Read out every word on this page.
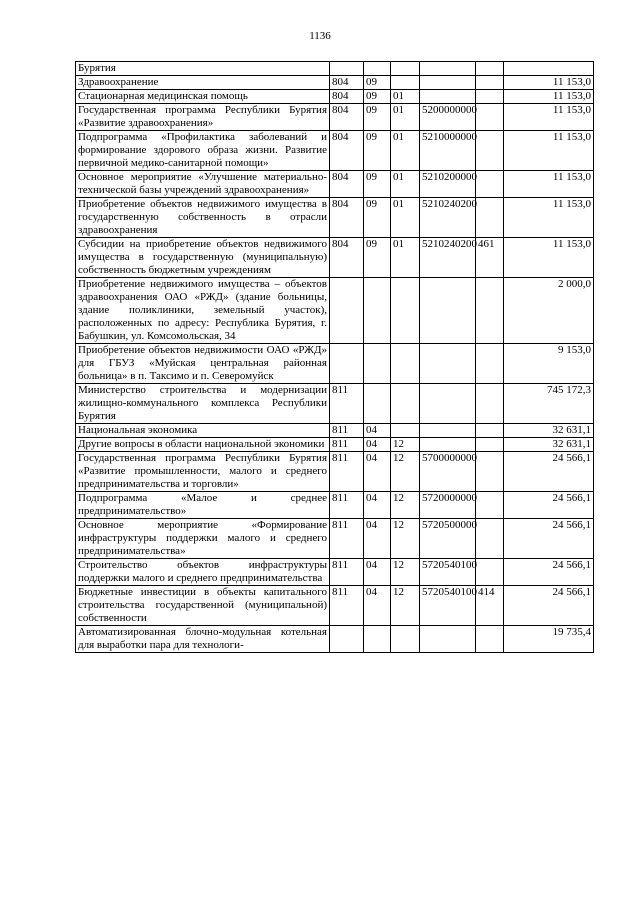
1136
Бурятия						
Здравоохранение	804	09				11 153,0
Стационарная медицинская помощь	804	09	01			11 153,0
Государственная программа Республики Бурятия «Развитие здравоохранения»	804	09	01	5200000000		11 153,0
Подпрограмма «Профилактика заболеваний и формирование здорового образа жизни. Развитие первичной медико-санитарной помощи»	804	09	01	5210000000		11 153,0
Основное мероприятие «Улучшение материально-технической базы учреждений здравоохранения»	804	09	01	5210200000		11 153,0
Приобретение объектов недвижимого имущества в государственную собственность в отрасли здравоохранения	804	09	01	5210240200		11 153,0
Субсидии на приобретение объектов недвижимого имущества в государственную (муниципальную) собственность бюджетным учреждениям	804	09	01	5210240200	461	11 153,0
Приобретение недвижимого имущества – объектов здравоохранения ОАО «РЖД» (здание больницы, здание поликлиники, земельный участок), расположенных по адресу: Республика Бурятия, г. Бабушкин, ул. Комсомольская, 34						2 000,0
Приобретение объектов недвижимости ОАО «РЖД» для ГБУЗ «Муйская центральная районная больница» в п. Таксимо и п. Северомуйск						9 153,0
Министерство строительства и модернизации жилищно-коммунального комплекса Республики Бурятия	811					745 172,3
Национальная экономика	811	04				32 631,1
Другие вопросы в области национальной экономики	811	04	12			32 631,1
Государственная программа Республики Бурятия «Развитие промышленности, малого и среднего предпринимательства и торговли»	811	04	12	5700000000		24 566,1
Подпрограмма «Малое и среднее предпринимательство»	811	04	12	5720000000		24 566,1
Основное мероприятие «Формирование инфраструктуры поддержки малого и среднего предпринимательства»	811	04	12	5720500000		24 566,1
Строительство объектов инфраструктуры поддержки малого и среднего предпринимательства	811	04	12	5720540100		24 566,1
Бюджетные инвестиции в объекты капитального строительства государственной (муниципальной) собственности	811	04	12	5720540100	414	24 566,1
Автоматизированная блочно-модульная котельная для выработки пара для технологи-						19 735,4
